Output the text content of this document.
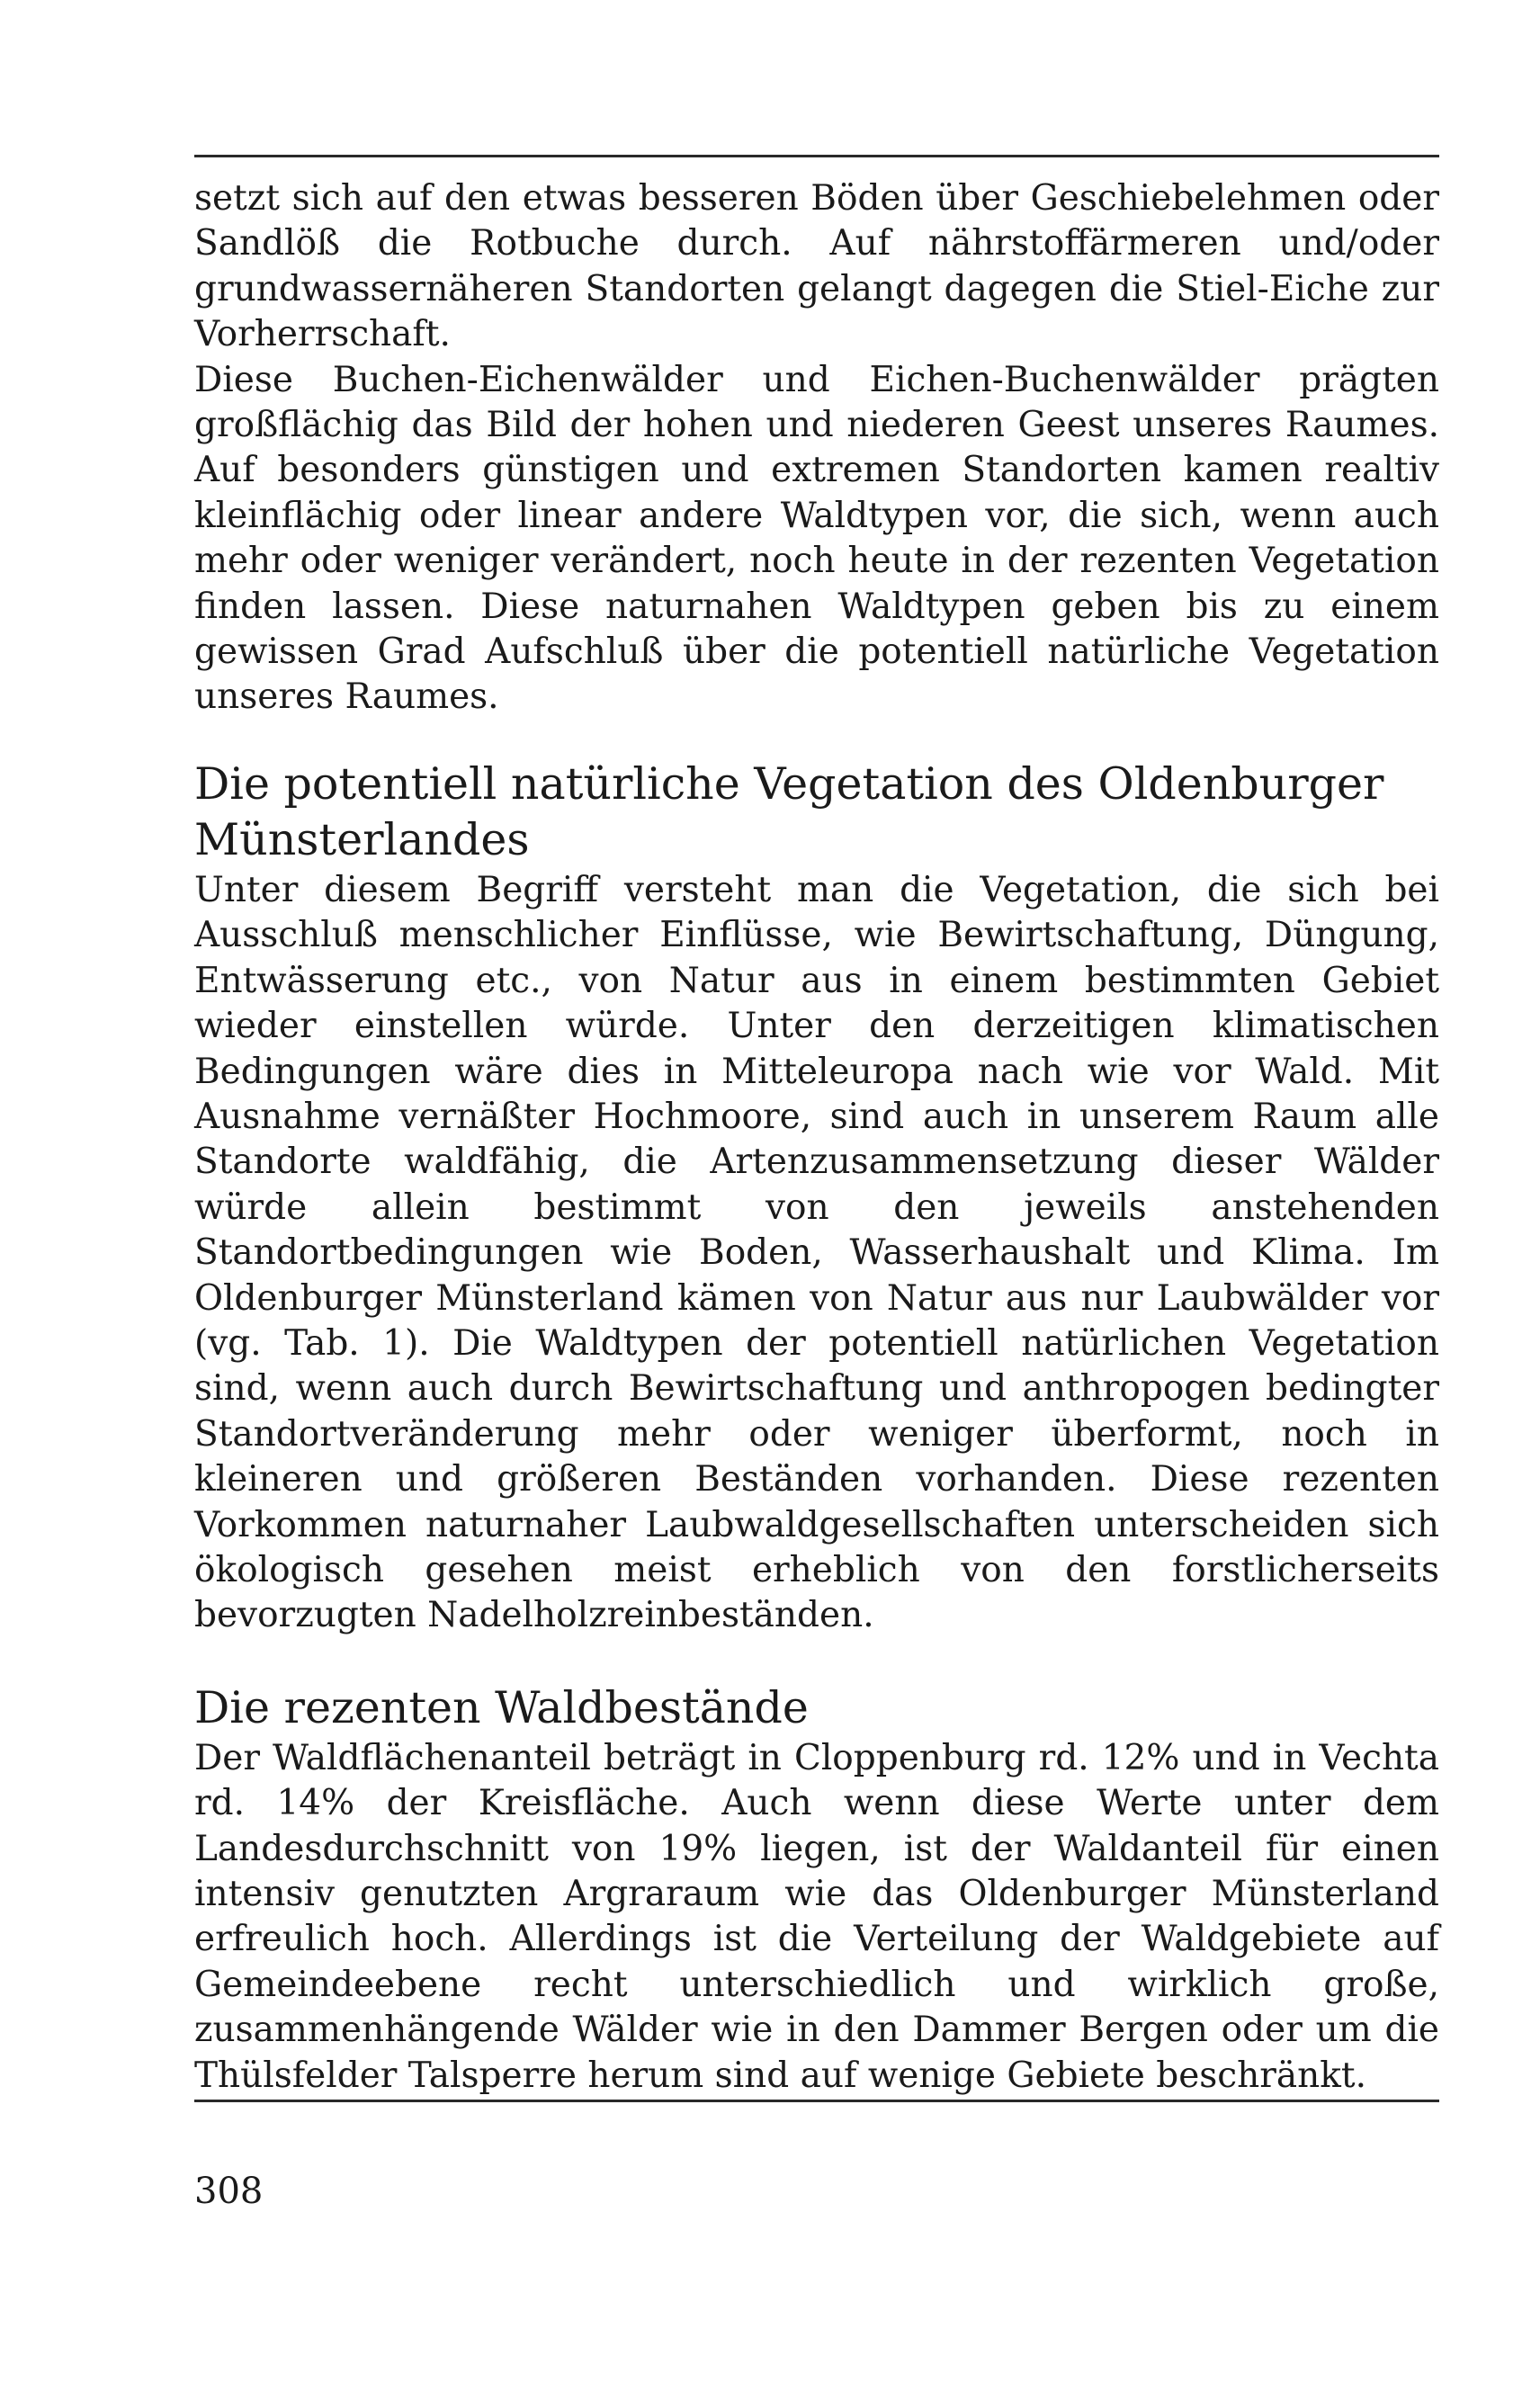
setzt sich auf den etwas besseren Böden über Geschiebelehmen oder Sandlöß die Rotbuche durch. Auf nährstoffärmeren und/oder grundwassernäheren Standorten gelangt dagegen die Stiel-Eiche zur Vorherrschaft.

Diese Buchen-Eichenwälder und Eichen-Buchenwälder prägten großflächig das Bild der hohen und niederen Geest unseres Raumes. Auf besonders günstigen und extremen Standorten kamen realtiv kleinflächig oder linear andere Waldtypen vor, die sich, wenn auch mehr oder weniger verändert, noch heute in der rezenten Vegetation finden lassen. Diese naturnahen Waldtypen geben bis zu einem gewissen Grad Aufschluß über die potentiell natürliche Vegetation unseres Raumes.

Die potentiell natürliche Vegetation des Oldenburger Münsterlandes

Unter diesem Begriff versteht man die Vegetation, die sich bei Ausschluß menschlicher Einflüsse, wie Bewirtschaftung, Düngung, Entwässerung etc., von Natur aus in einem bestimmten Gebiet wieder einstellen würde. Unter den derzeitigen klimatischen Bedingungen wäre dies in Mitteleuropa nach wie vor Wald. Mit Ausnahme vernäßter Hochmoore, sind auch in unserem Raum alle Standorte waldfähig, die Artenzusammensetzung dieser Wälder würde allein bestimmt von den jeweils anstehenden Standortbedingungen wie Boden, Wasserhaushalt und Klima. Im Oldenburger Münsterland kämen von Natur aus nur Laubwälder vor (vg. Tab. 1). Die Waldtypen der potentiell natürlichen Vegetation sind, wenn auch durch Bewirtschaftung und anthropogen bedingter Standortveränderung mehr oder weniger überformt, noch in kleineren und größeren Beständen vorhanden. Diese rezenten Vorkommen naturnaher Laubwaldgesellschaften unterscheiden sich ökologisch gesehen meist erheblich von den forstlicherseits bevorzugten Nadelholzreinbeständen.

Die rezenten Waldbestände

Der Waldflächenanteil beträgt in Cloppenburg rd. 12% und in Vechta rd. 14% der Kreisfläche. Auch wenn diese Werte unter dem Landesdurchschnitt von 19% liegen, ist der Waldanteil für einen intensiv genutzten Argraraum wie das Oldenburger Münsterland erfreulich hoch. Allerdings ist die Verteilung der Waldgebiete auf Gemeindeebene recht unterschiedlich und wirklich große, zusammenhängende Wälder wie in den Dammer Bergen oder um die Thülsfelder Talsperre herum sind auf wenige Gebiete beschränkt.

308
